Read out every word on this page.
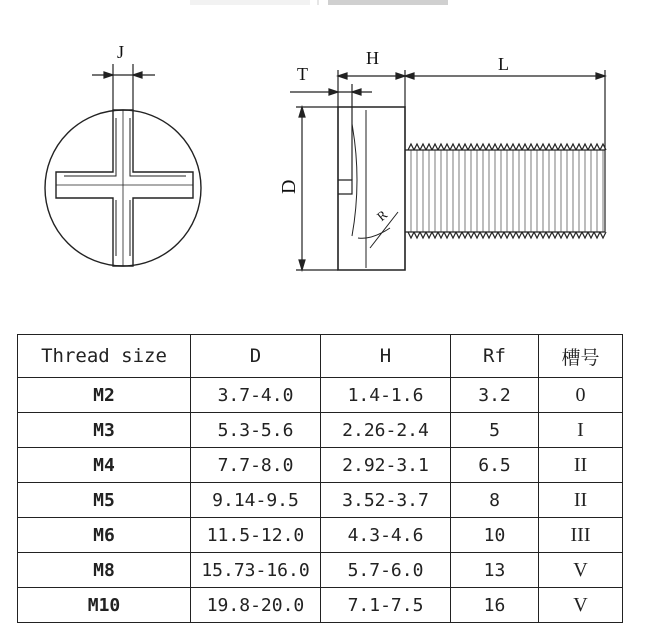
J
D
T
H	L
R
Thread size	D	H	Rf	槽号
M2	3.7-4.0	1.4-1.6	3.2	0
M3	5.3-5.6	2.26-2.4	5	I
M4	7.7-8.0	2.92-3.1	6.5	II
M5	9.14-9.5	3.52-3.7	8	II
M6	11.5-12.0	4.3-4.6	10	III
M8	15.73-16.0	5.7-6.0	13	V
M10	19.8-20.0	7.1-7.5	16	V
